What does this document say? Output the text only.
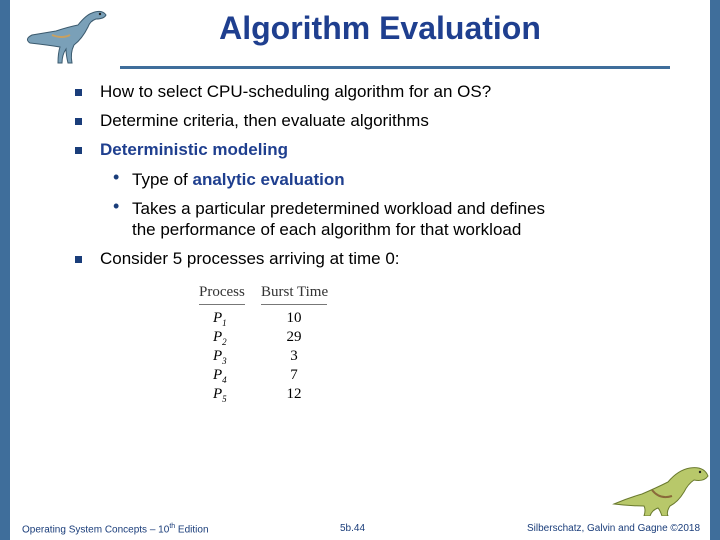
Algorithm Evaluation
How to select CPU-scheduling algorithm for an OS?
Determine criteria, then evaluate algorithms
Deterministic modeling
• Type of analytic evaluation
• Takes a particular predetermined workload and defines
the performance of each algorithm for that workload
Consider 5 processes arriving at time 0:
Process Burst Time
$P_1$	10
$P_2$	29
$P_3$	3
$P_4$	7
$P_5$	12
Operating System Concepts – 10th Edition	5b.44	Silberschatz, Galvin and Gagne ©2018
